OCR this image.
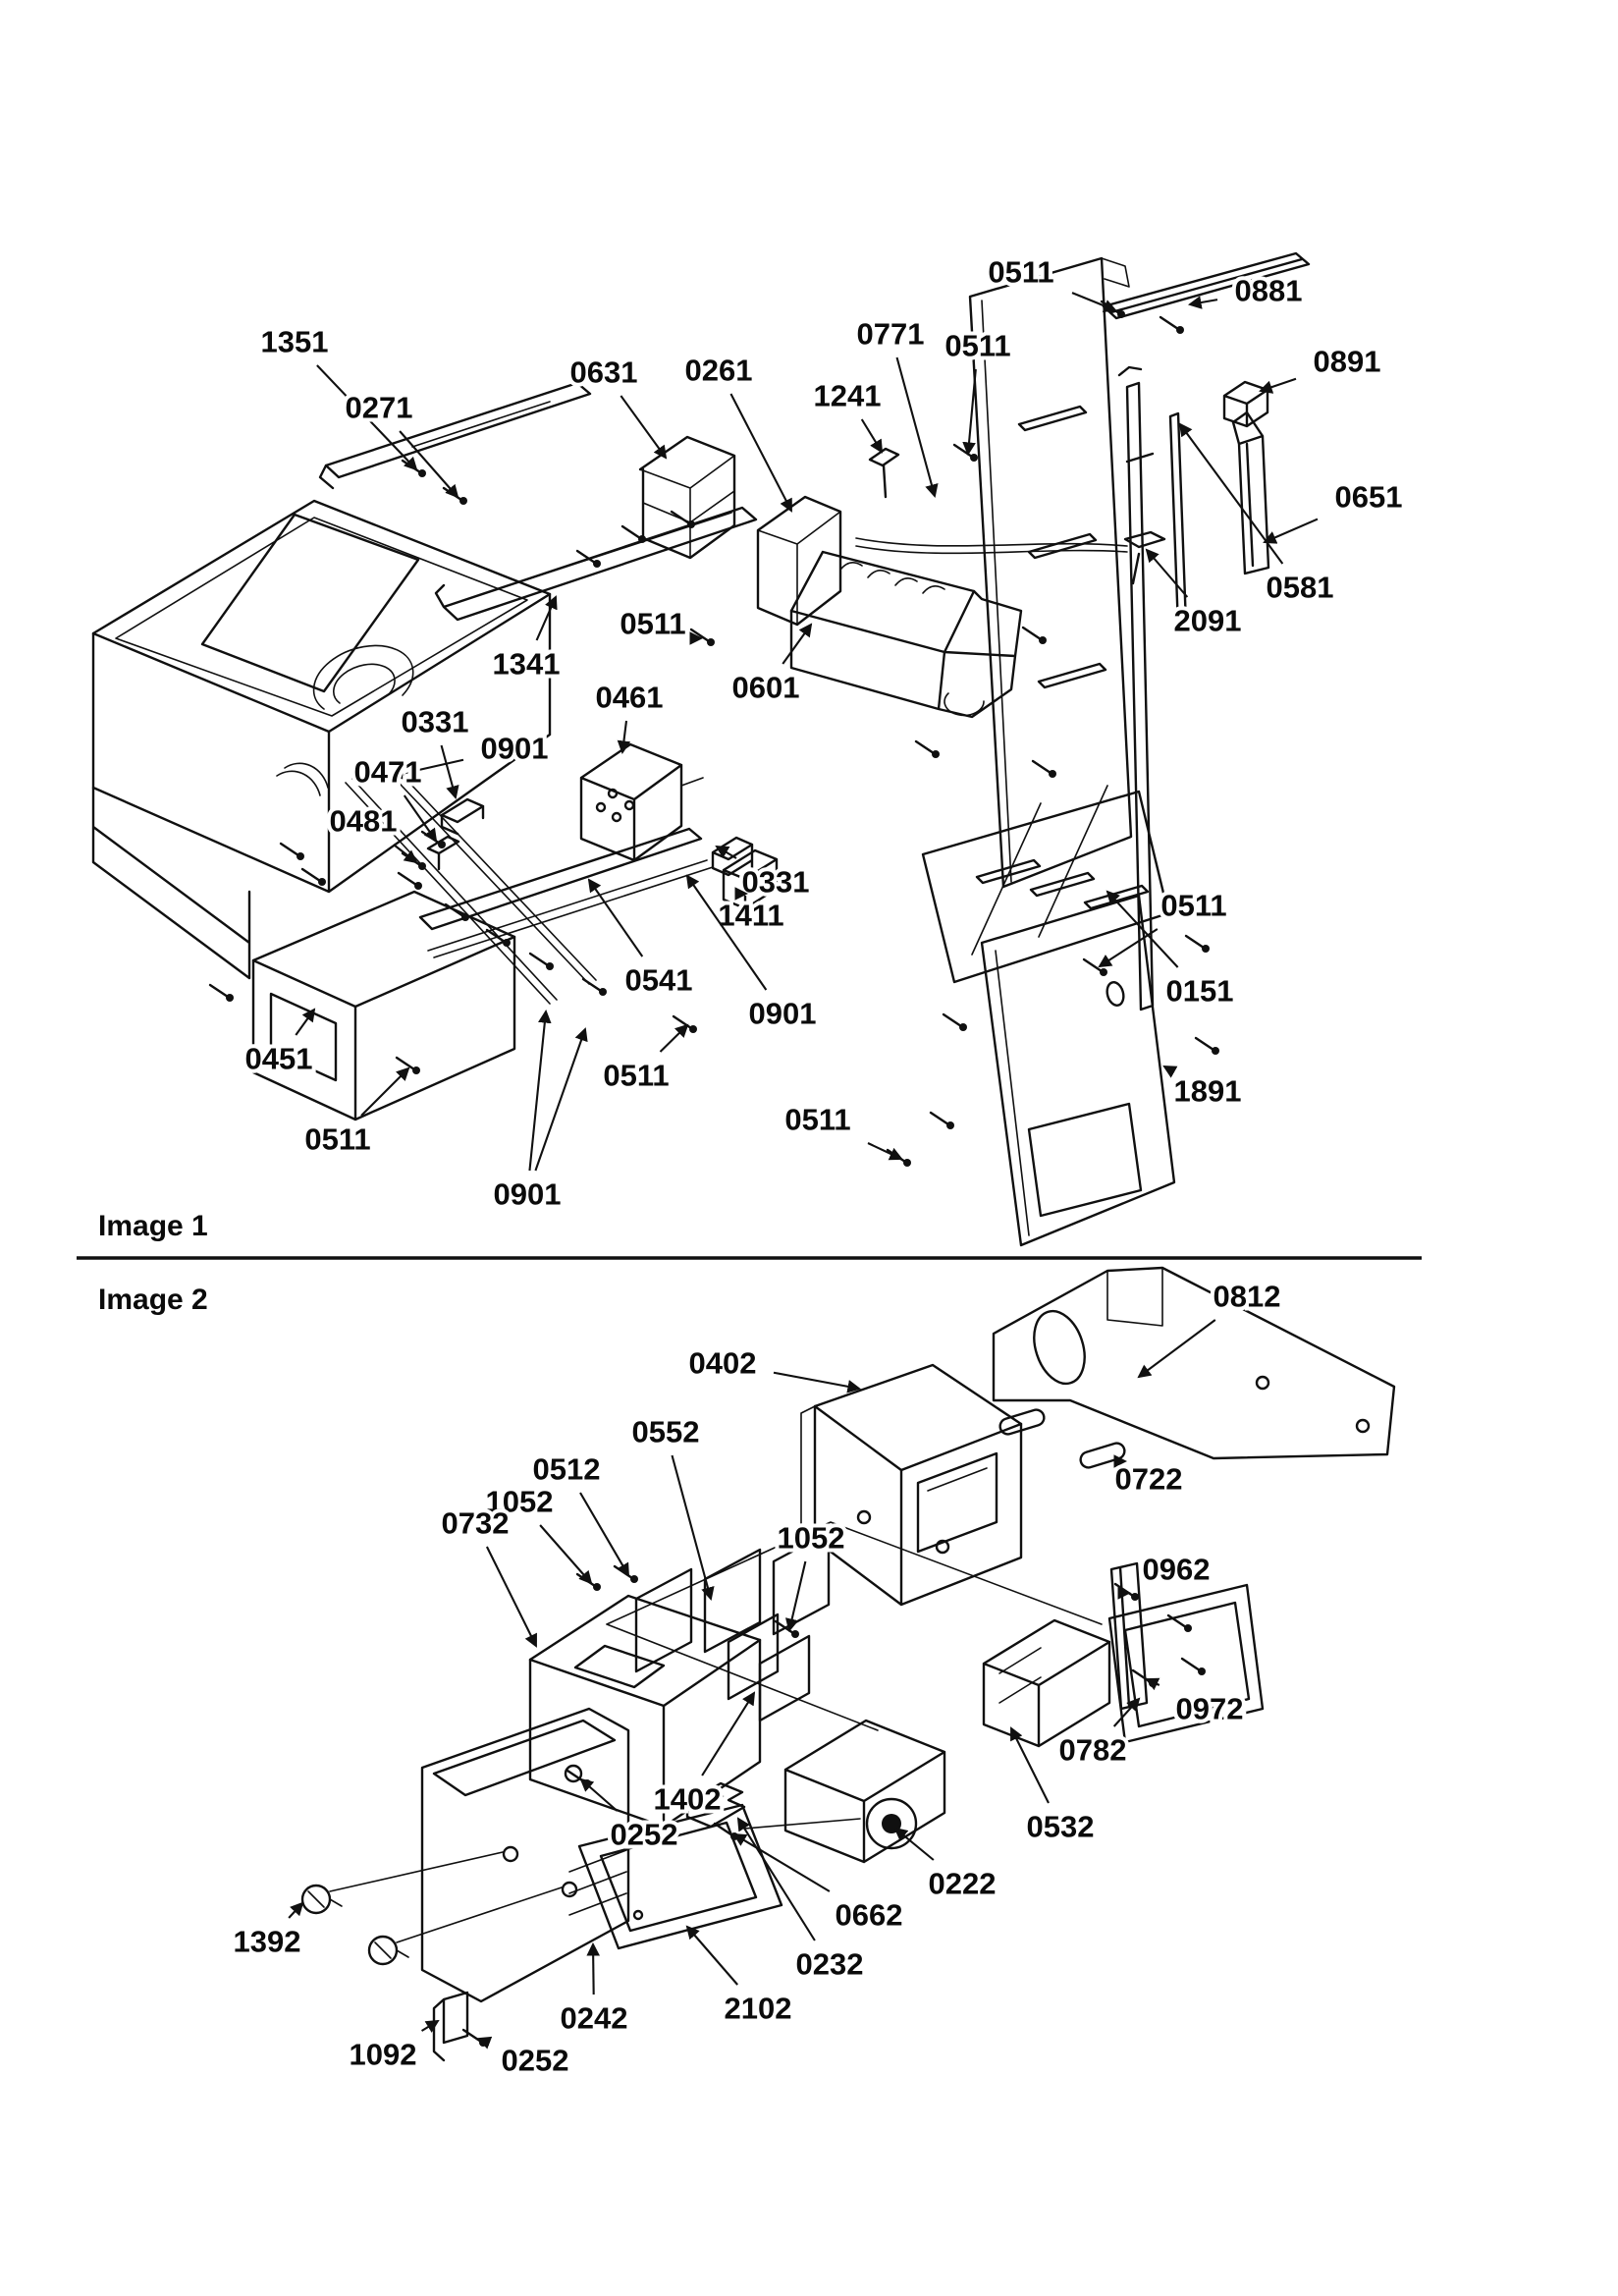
Image 1
Image 2
0511
0881
0891
0511
0771
1241
0651
0581
2091
1351
0271
0631 0261
0511
1341
0601
0461
0331
0901
0471
0481
0331
1411
0541
0901
0511
0511
0901
0451
0511
0511
0151
1891
0812
0402
0722
0552
0512
1052
0732	1052
0962
0972
1402
0252
0242
1392
1092	0252
2102
0232
0662
0222
0532
0782
